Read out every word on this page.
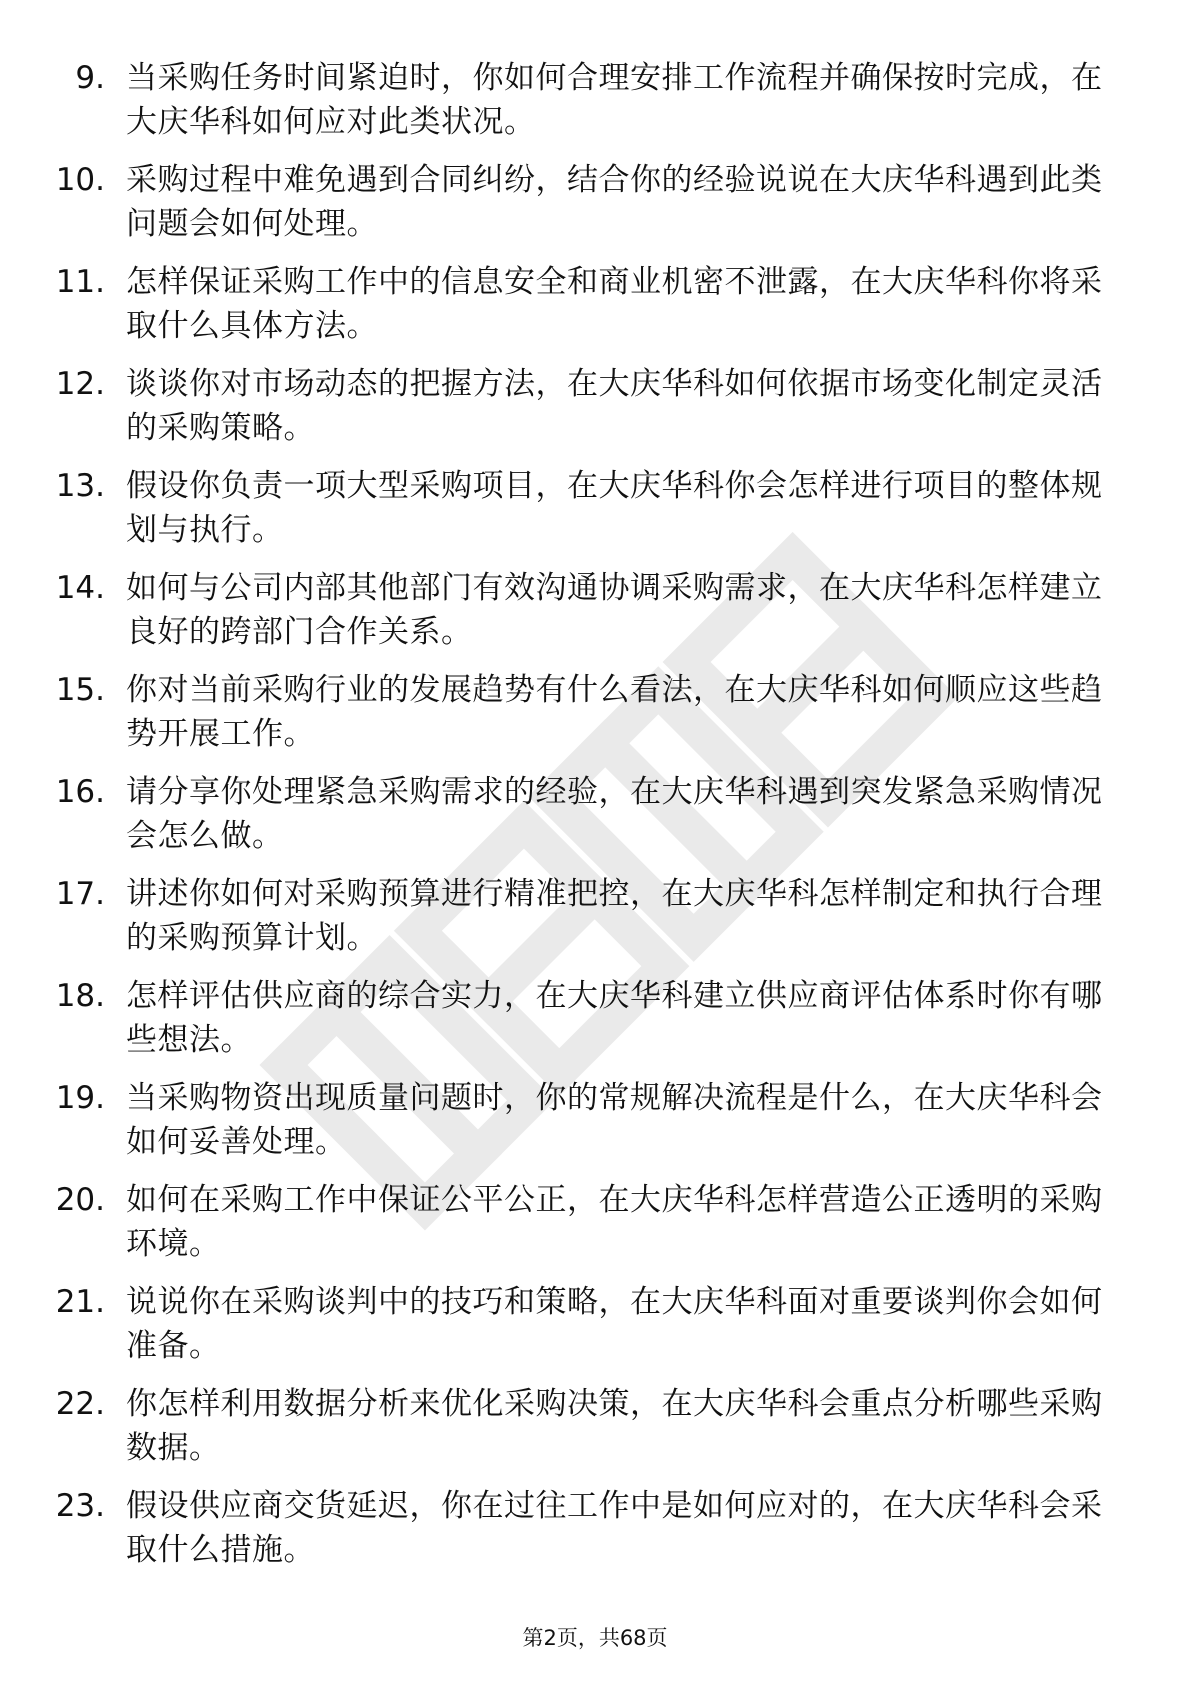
9. 当采购任务时间紧迫时，你如何合理安排工作流程并确保按时完成，在大庆华科如何应对此类状况。
10. 采购过程中难免遇到合同纠纷，结合你的经验说说在大庆华科遇到此类问题会如何处理。
11. 怎样保证采购工作中的信息安全和商业机密不泄露，在大庆华科你将采取什么具体方法。
12. 谈谈你对市场动态的把握方法，在大庆华科如何依据市场变化制定灵活的采购策略。
13. 假设你负责一项大型采购项目，在大庆华科你会怎样进行项目的整体规划与执行。
14. 如何与公司内部其他部门有效沟通协调采购需求，在大庆华科怎样建立良好的跨部门合作关系。
15. 你对当前采购行业的发展趋势有什么看法，在大庆华科如何顺应这些趋势开展工作。
16. 请分享你处理紧急采购需求的经验，在大庆华科遇到突发紧急采购情况会怎么做。
17. 讲述你如何对采购预算进行精准把控，在大庆华科怎样制定和执行合理的采购预算计划。
18. 怎样评估供应商的综合实力，在大庆华科建立供应商评估体系时你有哪些想法。
19. 当采购物资出现质量问题时，你的常规解决流程是什么，在大庆华科会如何妥善处理。
20. 如何在采购工作中保证公平公正，在大庆华科怎样营造公正透明的采购环境。
21. 说说你在采购谈判中的技巧和策略，在大庆华科面对重要谈判你会如何准备。
22. 你怎样利用数据分析来优化采购决策，在大庆华科会重点分析哪些采购数据。
23. 假设供应商交货延迟，你在过往工作中是如何应对的，在大庆华科会采取什么措施。
第2页，共68页
